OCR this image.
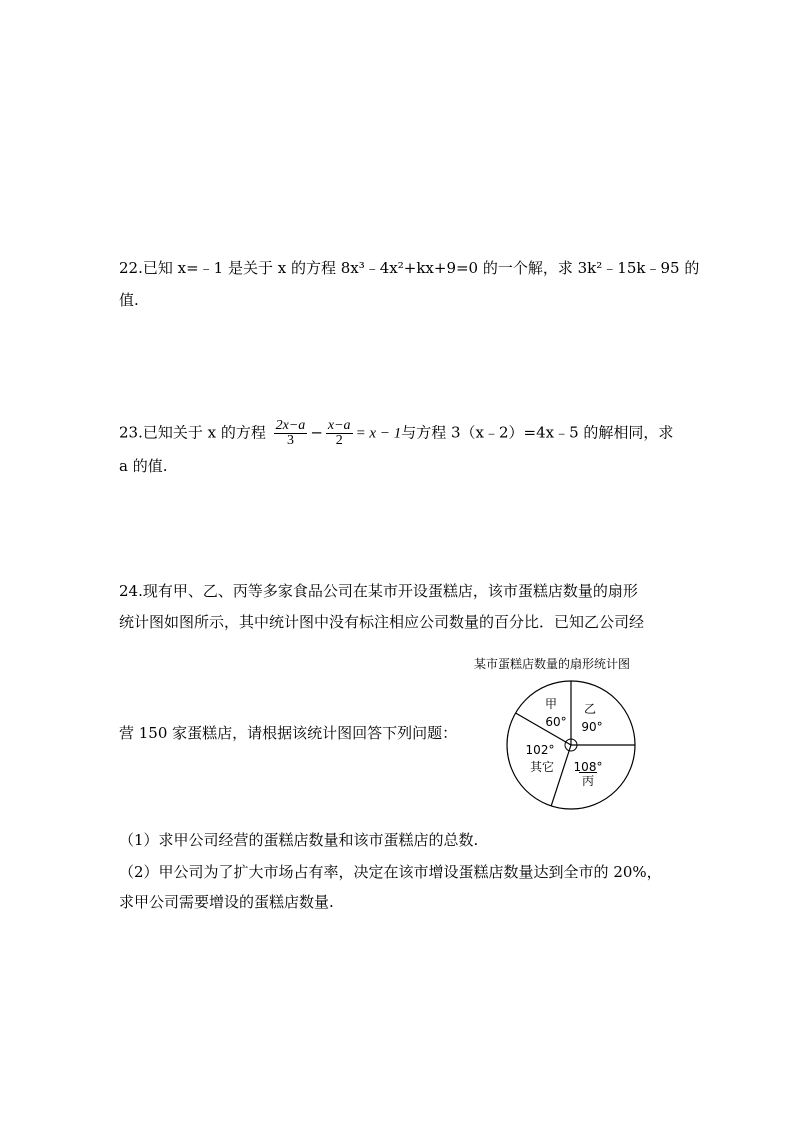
22.已知 x=﹣1 是关于 x 的方程 8x³﹣4x²+kx+9=0 的一个解，求 3k²﹣15k﹣95 的
值.
23.已知关于 x 的方程 $\frac{2x-a}{3} - \frac{x-a}{2} = x - 1$与方程 3（x﹣2）=4x﹣5 的解相同，求
a 的值.
24.现有甲、乙、丙等多家食品公司在某市开设蛋糕店，该市蛋糕店数量的扇形
统计图如图所示，其中统计图中没有标注相应公司数量的百分比．已知乙公司经
营 150 家蛋糕店，请根据该统计图回答下列问题：
（1）求甲公司经营的蛋糕店数量和该市蛋糕店的总数.
（2）甲公司为了扩大市场占有率，决定在该市增设蛋糕店数量达到全市的 20%，
求甲公司需要增设的蛋糕店数量.
某市蛋糕店数量的扇形统计图
甲
60°
乙
90°
108°
丙
102°
其它
